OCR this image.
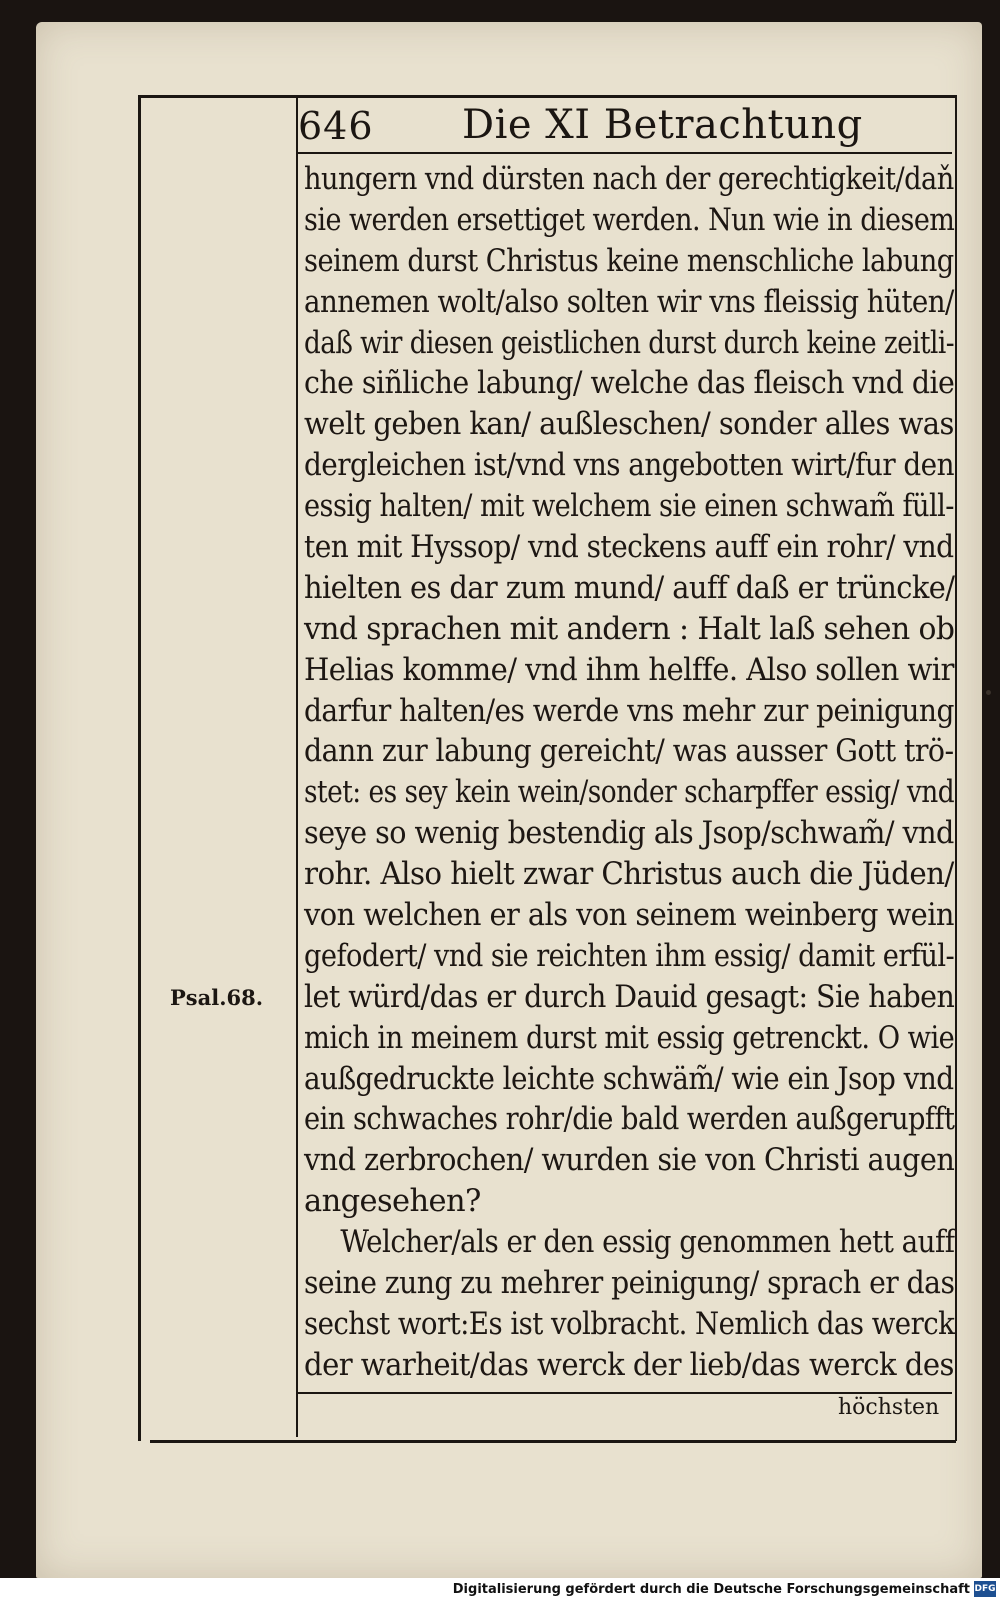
646 Die XI Betrachtung
Psal.68.
hungern vnd dürsten nach der gerechtigkeit/daň
sie werden ersettiget werden. Nun wie in diesem
seinem durst Christus keine menschliche labung
annemen wolt/also solten wir vns fleissig hüten/
daß wir diesen geistlichen durst durch keine zeitli-
che siñliche labung/ welche das fleisch vnd die
welt geben kan/ außleschen/ sonder alles was
dergleichen ist/vnd vns angebotten wirt/fur den
essig halten/ mit welchem sie einen schwam̃ füll-
ten mit Hyssop/ vnd steckens auff ein rohr/ vnd
hielten es dar zum mund/ auff daß er trüncke/
vnd sprachen mit andern : Halt laß sehen ob
Helias komme/ vnd ihm helffe. Also sollen wir
darfur halten/es werde vns mehr zur peinigung
dann zur labung gereicht/ was ausser Gott trö-
stet: es sey kein wein/sonder scharpffer essig/ vnd
seye so wenig bestendig als Jsop/schwam̃/ vnd
rohr. Also hielt zwar Christus auch die Jüden/
von welchen er als von seinem weinberg wein
gefodert/ vnd sie reichten ihm essig/ damit erfül-
let würd/das er durch Dauid gesagt: Sie haben
mich in meinem durst mit essig getrenckt. O wie
außgedruckte leichte schwäm̃/ wie ein Jsop vnd
ein schwaches rohr/die bald werden außgerupfft
vnd zerbrochen/ wurden sie von Christi augen
angesehen?
Welcher/als er den essig genommen hett auff
seine zung zu mehrer peinigung/ sprach er das
sechst wort:Es ist volbracht. Nemlich das werck
der warheit/das werck der lieb/das werck des
höchsten
Digitalisierung gefördert durch die Deutsche Forschungsgemeinschaft DFG
